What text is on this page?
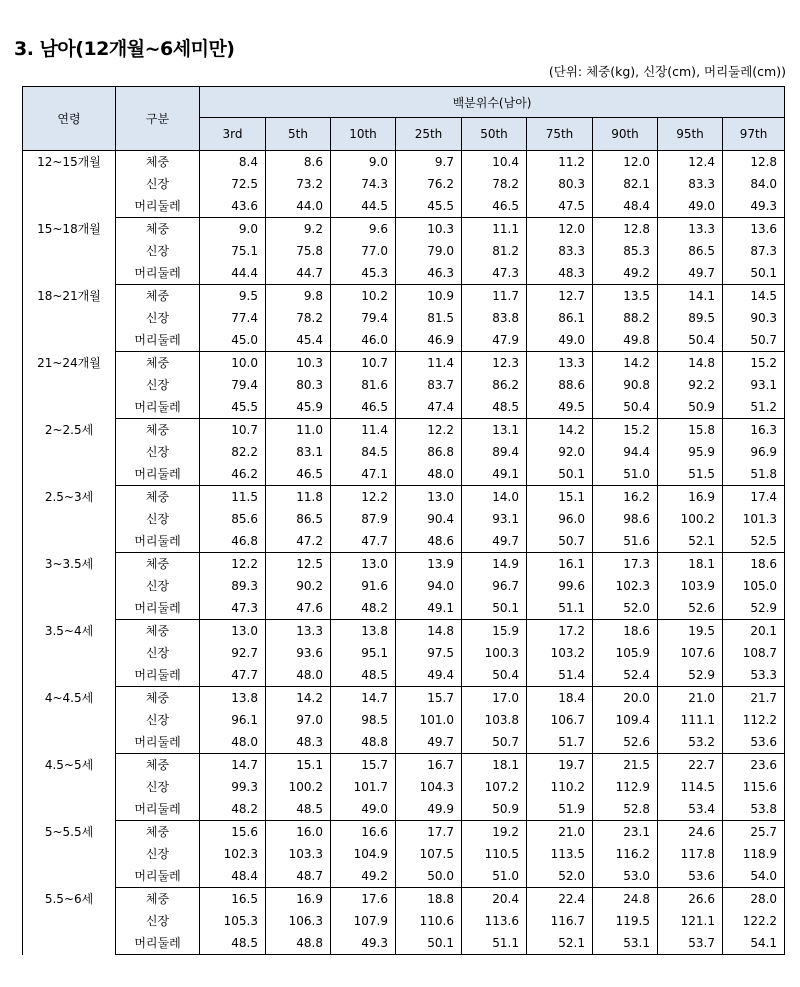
3. 남아(12개월~6세미만)
(단위: 체중(kg), 신장(cm), 머리둘레(cm))
연령	구분	백분위수(남아)								
		3rd	5th	10th	25th	50th	75th	90th	95th	97th
12~15개월	체중	8.4	8.6	9.0	9.7	10.4	11.2	12.0	12.4	12.8
	신장	72.5	73.2	74.3	76.2	78.2	80.3	82.1	83.3	84.0
	머리둘레	43.6	44.0	44.5	45.5	46.5	47.5	48.4	49.0	49.3
15~18개월	체중	9.0	9.2	9.6	10.3	11.1	12.0	12.8	13.3	13.6
	신장	75.1	75.8	77.0	79.0	81.2	83.3	85.3	86.5	87.3
	머리둘레	44.4	44.7	45.3	46.3	47.3	48.3	49.2	49.7	50.1
18~21개월	체중	9.5	9.8	10.2	10.9	11.7	12.7	13.5	14.1	14.5
	신장	77.4	78.2	79.4	81.5	83.8	86.1	88.2	89.5	90.3
	머리둘레	45.0	45.4	46.0	46.9	47.9	49.0	49.8	50.4	50.7
21~24개월	체중	10.0	10.3	10.7	11.4	12.3	13.3	14.2	14.8	15.2
	신장	79.4	80.3	81.6	83.7	86.2	88.6	90.8	92.2	93.1
	머리둘레	45.5	45.9	46.5	47.4	48.5	49.5	50.4	50.9	51.2
2~2.5세	체중	10.7	11.0	11.4	12.2	13.1	14.2	15.2	15.8	16.3
	신장	82.2	83.1	84.5	86.8	89.4	92.0	94.4	95.9	96.9
	머리둘레	46.2	46.5	47.1	48.0	49.1	50.1	51.0	51.5	51.8
2.5~3세	체중	11.5	11.8	12.2	13.0	14.0	15.1	16.2	16.9	17.4
	신장	85.6	86.5	87.9	90.4	93.1	96.0	98.6	100.2	101.3
	머리둘레	46.8	47.2	47.7	48.6	49.7	50.7	51.6	52.1	52.5
3~3.5세	체중	12.2	12.5	13.0	13.9	14.9	16.1	17.3	18.1	18.6
	신장	89.3	90.2	91.6	94.0	96.7	99.6	102.3	103.9	105.0
	머리둘레	47.3	47.6	48.2	49.1	50.1	51.1	52.0	52.6	52.9
3.5~4세	체중	13.0	13.3	13.8	14.8	15.9	17.2	18.6	19.5	20.1
	신장	92.7	93.6	95.1	97.5	100.3	103.2	105.9	107.6	108.7
	머리둘레	47.7	48.0	48.5	49.4	50.4	51.4	52.4	52.9	53.3
4~4.5세	체중	13.8	14.2	14.7	15.7	17.0	18.4	20.0	21.0	21.7
	신장	96.1	97.0	98.5	101.0	103.8	106.7	109.4	111.1	112.2
	머리둘레	48.0	48.3	48.8	49.7	50.7	51.7	52.6	53.2	53.6
4.5~5세	체중	14.7	15.1	15.7	16.7	18.1	19.7	21.5	22.7	23.6
	신장	99.3	100.2	101.7	104.3	107.2	110.2	112.9	114.5	115.6
	머리둘레	48.2	48.5	49.0	49.9	50.9	51.9	52.8	53.4	53.8
5~5.5세	체중	15.6	16.0	16.6	17.7	19.2	21.0	23.1	24.6	25.7
	신장	102.3	103.3	104.9	107.5	110.5	113.5	116.2	117.8	118.9
	머리둘레	48.4	48.7	49.2	50.0	51.0	52.0	53.0	53.6	54.0
5.5~6세	체중	16.5	16.9	17.6	18.8	20.4	22.4	24.8	26.6	28.0
	신장	105.3	106.3	107.9	110.6	113.6	116.7	119.5	121.1	122.2
	머리둘레	48.5	48.8	49.3	50.1	51.1	52.1	53.1	53.7	54.1
